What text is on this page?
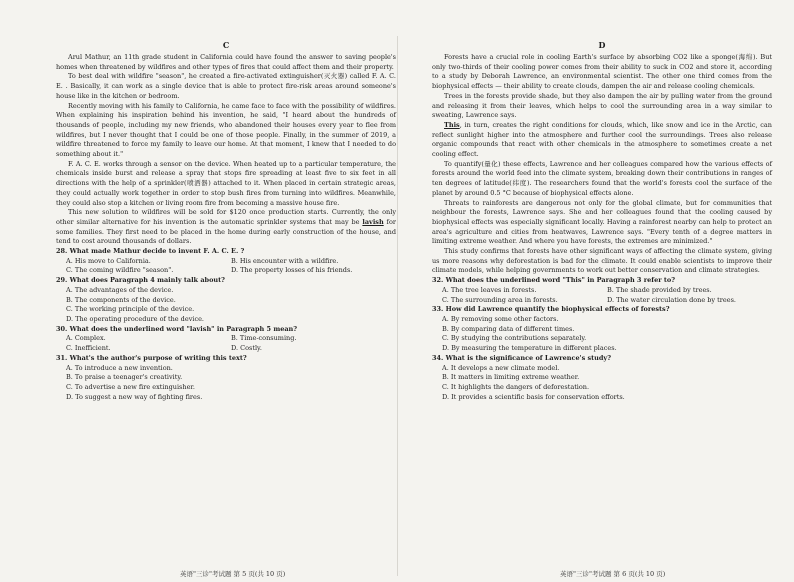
C

Arul Mathur, an 11th grade student in California could have found the answer to saving people's homes when threatened by wildfires and other types of fires that could affect them and their property.

To best deal with wildfire "season", he created a fire-activated extinguisher(灭火器) called F. A. C. E. . Basically, it can work as a single device that is able to protect fire-risk areas around someone's house like in the kitchen or bedroom.

Recently moving with his family to California, he came face to face with the possibility of wildfires. When explaining his inspiration behind his invention, he said, "I heard about the hundreds of thousands of people, including my new friends, who abandoned their houses every year to flee from wildfires, but I never thought that I could be one of those people. Finally, in the summer of 2019, a wildfire threatened to force my family to leave our home. At that moment, I knew that I needed to do something about it."

F. A. C. E. works through a sensor on the device. When heated up to a particular temperature, the chemicals inside burst and release a spray that stops fire spreading at least five to six feet in all directions with the help of a sprinkler(喷洒器) attached to it. When placed in certain strategic areas, they could actually work together in order to stop bush fires from turning into wildfires. Meanwhile, they could also stop a kitchen or living room fire from becoming a massive house fire.

This new solution to wildfires will be sold for $120 once production starts. Currently, the only other similar alternative for his invention is the automatic sprinkler systems that may be lavish for some families. They first need to be placed in the home during early construction of the house, and tend to cost around thousands of dollars.

28. What made Mathur decide to invent F. A. C. E. ?

A. His move to California.	B. His encounter with a wildfire.
C. The coming wildfire "season".	D. The property losses of his friends.

29. What does Paragraph 4 mainly talk about?

A. The advantages of the device.

B. The components of the device.

C. The working principle of the device.

D. The operating procedure of the device.

30. What does the underlined word "lavish" in Paragraph 5 mean?

A. Complex.	B. Time-consuming.
C. Inefficient.	D. Costly.

31. What's the author's purpose of writing this text?

A. To introduce a new invention.

B. To praise a teenager's creativity.

C. To advertise a new fire extinguisher.

D. To suggest a new way of fighting fires.

D

Forests have a crucial role in cooling Earth's surface by absorbing CO2 like a sponge(海绵). But only two-thirds of their cooling power comes from their ability to suck in CO2 and store it, according to a study by Deborah Lawrence, an environmental scientist. The other one third comes from the biophysical effects — their ability to create clouds, dampen the air and release cooling chemicals.

Trees in the forests provide shade, but they also dampen the air by pulling water from the ground and releasing it from their leaves, which helps to cool the surrounding area in a way similar to sweating, Lawrence says.

This, in turn, creates the right conditions for clouds, which, like snow and ice in the Arctic, can reflect sunlight higher into the atmosphere and further cool the surroundings. Trees also release organic compounds that react with other chemicals in the atmosphere to sometimes create a net cooling effect.

To quantify(量化) these effects, Lawrence and her colleagues compared how the various effects of forests around the world feed into the climate system, breaking down their contributions in ranges of ten degrees of latitude(纬度). The researchers found that the world's forests cool the surface of the planet by around 0.5 °C because of biophysical effects alone.

Threats to rainforests are dangerous not only for the global climate, but for communities that neighbour the forests, Lawrence says. She and her colleagues found that the cooling caused by biophysical effects was especially significant locally. Having a rainforest nearby can help to protect an area's agriculture and cities from heatwaves, Lawrence says. "Every tenth of a degree matters in limiting extreme weather. And where you have forests, the extremes are minimized."

This study confirms that forests have other significant ways of affecting the climate system, giving us more reasons why deforestation is bad for the climate. It could enable scientists to improve their climate models, while helping governments to work out better conservation and climate strategies.

32. What does the underlined word "This" in Paragraph 3 refer to?

A. The tree leaves in forests.	B. The shade provided by trees.
C. The surrounding area in forests.	D. The water circulation done by trees.

33. How did Lawrence quantify the biophysical effects of forests?

A. By removing some other factors.

B. By comparing data of different times.

C. By studying the contributions separately.

D. By measuring the temperature in different places.

34. What is the significance of Lawrence's study?

A. It develops a new climate model.

B. It matters in limiting extreme weather.

C. It highlights the dangers of deforestation.

D. It provides a scientific basis for conservation efforts.

英语"三诊"考试题 第 5 页(共 10 页)	英语"三诊"考试题 第 6 页(共 10 页)
